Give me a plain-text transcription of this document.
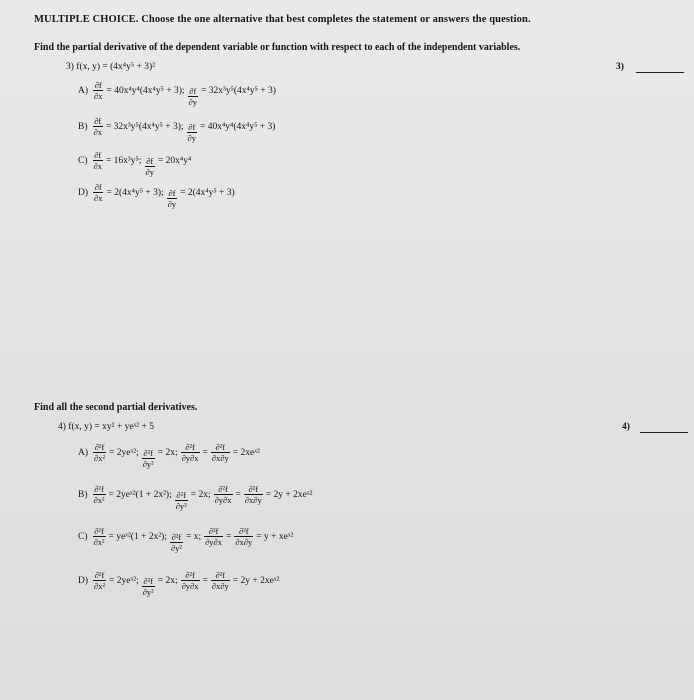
MULTIPLE CHOICE. Choose the one alternative that best completes the statement or answers the question.
Find the partial derivative of the dependent variable or function with respect to each of the independent variables.
3) f(x, y) = (4x⁴y⁵ + 3)²	3)
$A) \frac{\partial f}{\partial x} = 40x^4y^4(4x^4y^5 + 3)$; $\frac{\partial f}{\partial y} = 32x^3y^5(4x^4y^5 + 3)$
$B) \frac{\partial f}{\partial x} = 32x^3y^5(4x^4y^5 + 3)$; $\frac{\partial f}{\partial y} = 40x^4y^4(4x^4y^5 + 3)$
$C) \frac{\partial f}{\partial x} = 16x^3y^5$; $\frac{\partial f}{\partial y} = 20x^4y^4$
$D) \frac{\partial f}{\partial x} = 2(4x^4y^5 + 3)$; $\frac{\partial f}{\partial y} = 2(4x^4y^5 + 3)$
Find all the second partial derivatives.
4) f(x, y) = xy² + yeˣ² + 5	4)
$A) \frac{\text{∂²f}}{\text{∂x²}}$ = 2yeˣ²; $\frac{\text{∂²f}}{\text{∂y²}} = 2x$; $\frac{\text{∂²f}}{\partial y\partial x} = \frac{\text{∂²f}}{\partial x\partial y}$ = 2xeˣ²
$B) \frac{\text{∂²f}}{\text{∂x²}}$ = 2yeˣ²(1 + 2x²); $\frac{\text{∂²f}}{\text{∂y²}} = 2x$; $\frac{\text{∂²f}}{\partial y\partial x} = \frac{\text{∂²f}}{\partial x\partial y} = 2y$ + 2xeˣ²
$C) \frac{\text{∂²f}}{\text{∂x²}}$ = yeˣ²(1 + 2x²); $\frac{\text{∂²f}}{\text{∂y²}} = x$; $\frac{\text{∂²f}}{\partial y\partial x} = \frac{\text{∂²f}}{\partial x\partial y} = y$ + xeˣ²
$D) \frac{\text{∂²f}}{\text{∂x²}}$ = 2yeˣ²; $\frac{\text{∂²f}}{\text{∂y²}} = 2x$; $\frac{\text{∂²f}}{\partial y\partial x} = \frac{\text{∂²f}}{\partial x\partial y} = 2y$ + 2xeˣ²
